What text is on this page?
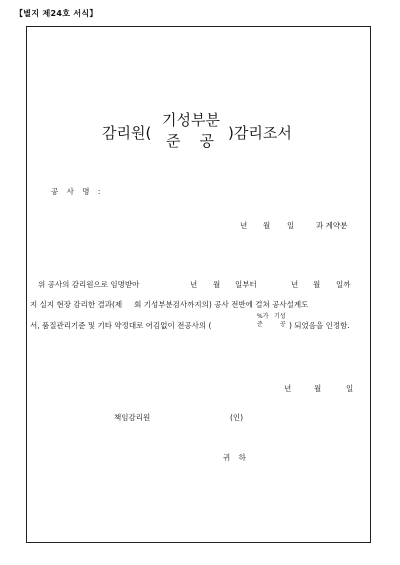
【별지 제24호 서식】
감리원(
기성부분
준    공 )감리조서
공 사 명 :
년 월 일	과 계약분
위 공사의 감리원으로 임명받아	년 월 일부터	년 월 일까
지 실지 현장 감리한 결과(제     회 기성부분검사까지의) 공사 전반에 걸쳐 공사설계도
서, 품질관리기준 및 기타 약정대로 어김없이 전공사의 (
%가 기성
준	공 ) 되었음을 인정함.
년	월	일
책임감리원	(인)
귀 하
